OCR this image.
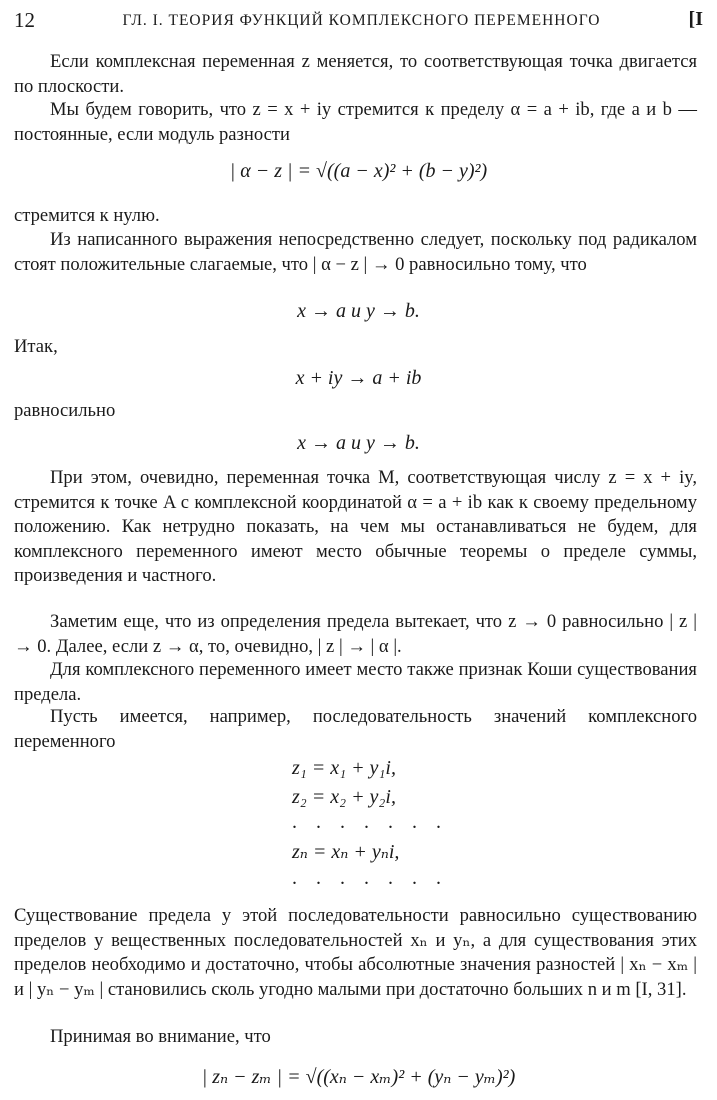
12	ГЛ. I. ТЕОРИЯ ФУНКЦИЙ КОМПЛЕКСНОГО ПЕРЕМЕННОГО	[I
Если комплексная переменная z меняется, то соответствующая точка двигается по плоскости.
Мы будем говорить, что z = x + iy стремится к пределу α = a + ib, где a и b — постоянные, если модуль разности
| α − z | = √((a − x)² + (b − y)²)
стремится к нулю.
Из написанного выражения непосредственно следует, поскольку под радикалом стоят положительные слагаемые, что | α − z | → 0 равносильно тому, что
x → a и y → b.
Итак,
x + iy → a + ib
равносильно
x → a и y → b.
При этом, очевидно, переменная точка M, соответствующая числу z = x + iy, стремится к точке A с комплексной координатой α = a + ib как к своему предельному положению. Как нетрудно показать, на чем мы останавливаться не будем, для комплексного переменного имеют место обычные теоремы о пределе суммы, произведения и частного.
Заметим еще, что из определения предела вытекает, что z → 0 равносильно | z | → 0. Далее, если z → α, то, очевидно, | z | → | α |.
Для комплексного переменного имеет место также признак Коши существования предела.
Пусть имеется, например, последовательность значений комплексного переменного
z₁ = x₁ + y₁i,
z₂ = x₂ + y₂i,
. . . . . . .
zₙ = xₙ + yₙi,
. . . . . . .
Существование предела у этой последовательности равносильно существованию пределов у вещественных последовательностей xₙ и yₙ, а для существования этих пределов необходимо и достаточно, чтобы абсолютные значения разностей | xₙ − xₘ | и | yₙ − yₘ | становились сколь угодно малыми при достаточно больших n и m [I, 31].
Принимая во внимание, что
| zₙ − zₘ | = √((xₙ − xₘ)² + (yₙ − yₘ)²)
